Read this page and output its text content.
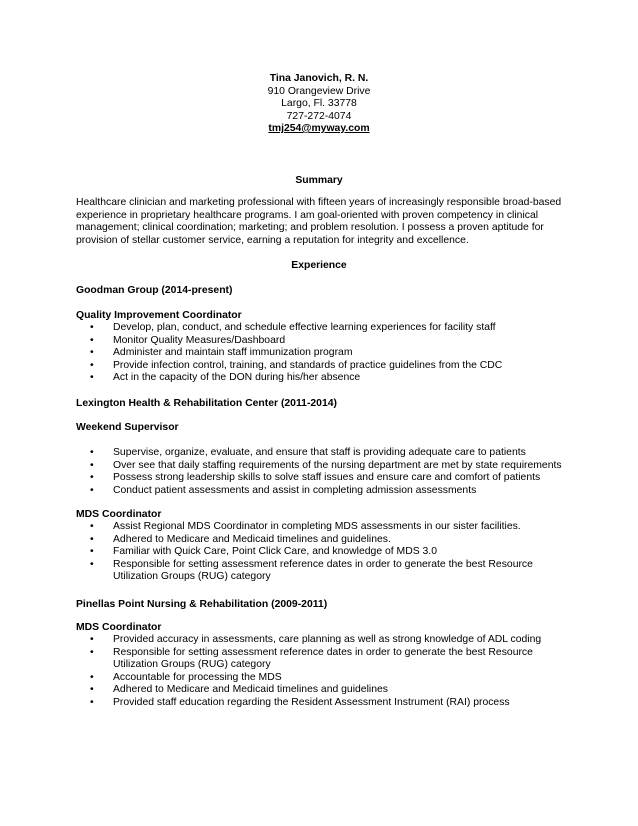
Tina Janovich, R. N.
910 Orangeview Drive
Largo, Fl. 33778
727-272-4074
tmj254@myway.com
Summary
Healthcare clinician and marketing professional with fifteen years of increasingly responsible broad-based experience in proprietary healthcare programs. I am goal-oriented with proven competency in clinical management; clinical coordination; marketing; and problem resolution. I possess a proven aptitude for provision of stellar customer service, earning a reputation for integrity and excellence.
Experience
Goodman Group (2014-present)
Quality Improvement Coordinator
• Develop, plan, conduct, and schedule effective learning experiences for facility staff
• Monitor Quality Measures/Dashboard
• Administer and maintain staff immunization program
• Provide infection control, training, and standards of practice guidelines from the CDC
• Act in the capacity of the DON during his/her absence
Lexington Health & Rehabilitation Center (2011-2014)
Weekend Supervisor
• Supervise, organize, evaluate, and ensure that staff is providing adequate care to patients
• Over see that daily staffing requirements of the nursing department are met by state requirements
• Possess strong leadership skills to solve staff issues and ensure care and comfort of patients
• Conduct patient assessments and assist in completing admission assessments
MDS Coordinator
• Assist Regional MDS Coordinator in completing MDS assessments in our sister facilities.
• Adhered to Medicare and Medicaid timelines and guidelines.
• Familiar with Quick Care, Point Click Care, and knowledge of MDS 3.0
• Responsible for setting assessment reference dates in order to generate the best Resource
Utilization Groups (RUG) category
Pinellas Point Nursing & Rehabilitation (2009-2011)
MDS Coordinator
• Provided accuracy in assessments, care planning as well as strong knowledge of ADL coding
• Responsible for setting assessment reference dates in order to generate the best Resource
Utilization Groups (RUG) category
• Accountable for processing the MDS
• Adhered to Medicare and Medicaid timelines and guidelines
• Provided staff education regarding the Resident Assessment Instrument (RAI) process
